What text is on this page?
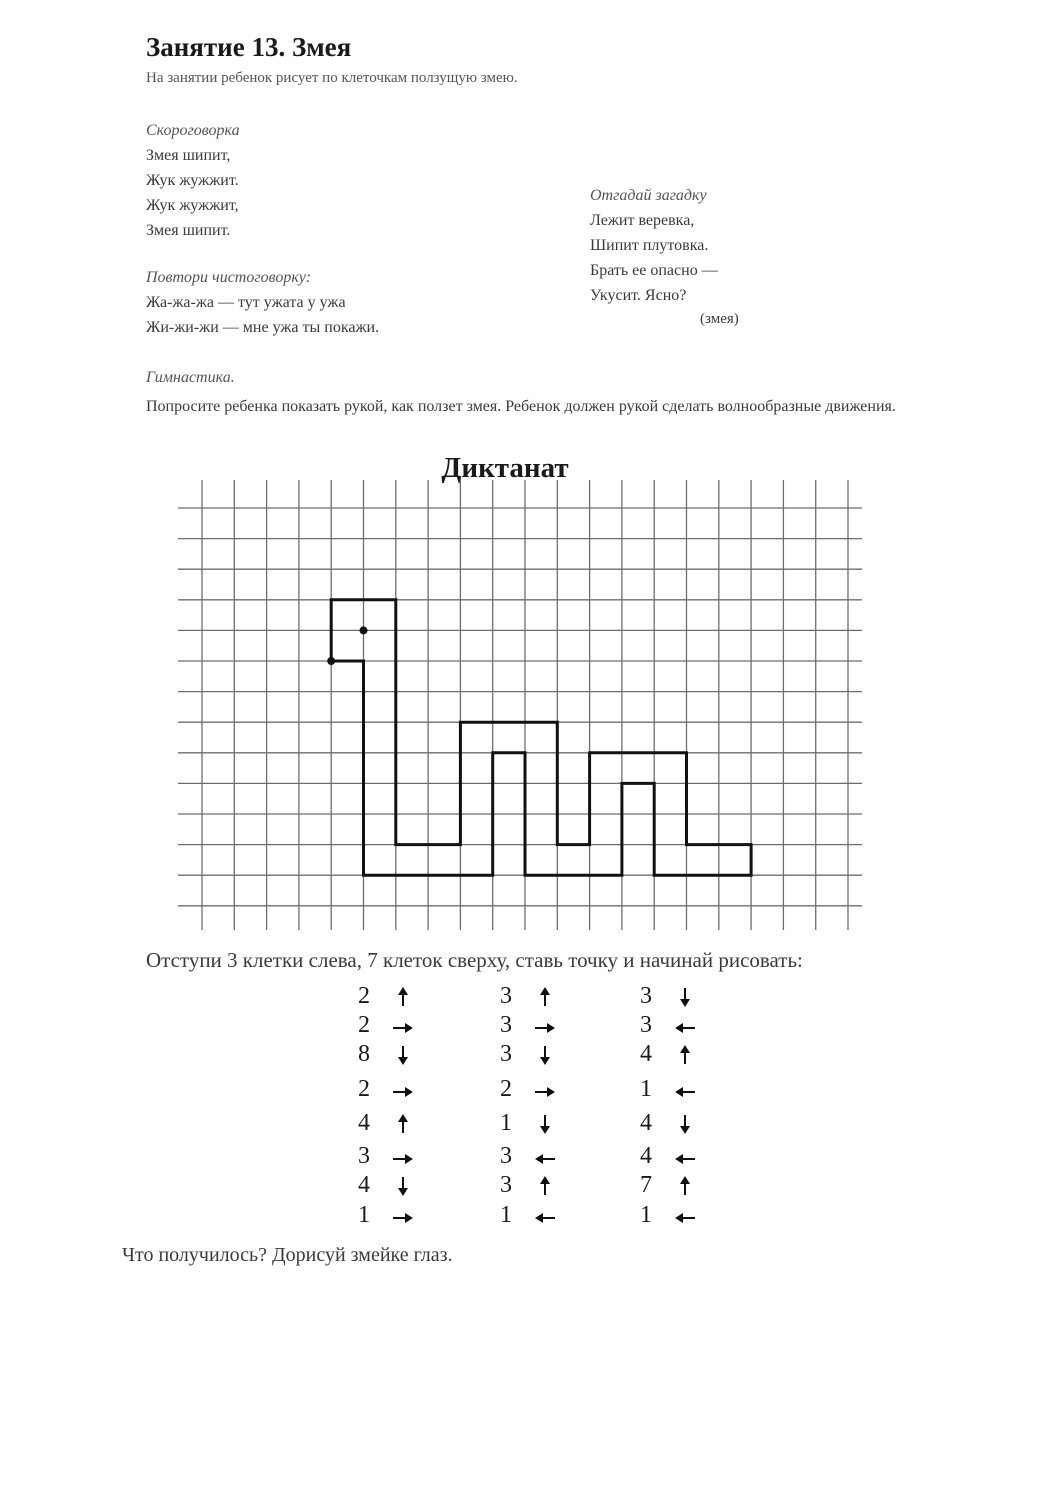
Занятие 13. Змея
На занятии ребенок рисует по клеточкам ползущую змею.
Скороговорка
Змея шипит,
Жук жужжит.
Жук жужжит,
Змея шипит.
Повтори чистоговорку:
Жа-жа-жа — тут ужата у ужа
Жи-жи-жи — мне ужа ты покажи.
Отгадай загадку
Лежит веревка,
Шипит плутовка.
Брать ее опасно —
Укусит. Ясно?
(змея)
Гимнастика.
Попросите ребенка показать рукой, как ползет змея. Ребенок должен рукой сделать волнообразные движения.
Диктанат
Отступи 3 клетки слева, 7 клеток сверху, ставь точку и начинай рисовать:
2
2
8
2
4
3
4
1
3
3
3
2
1
3
3
1
3
3
4
1
4
4
7
1
Что получилось? Дорисуй змейке глаз.
